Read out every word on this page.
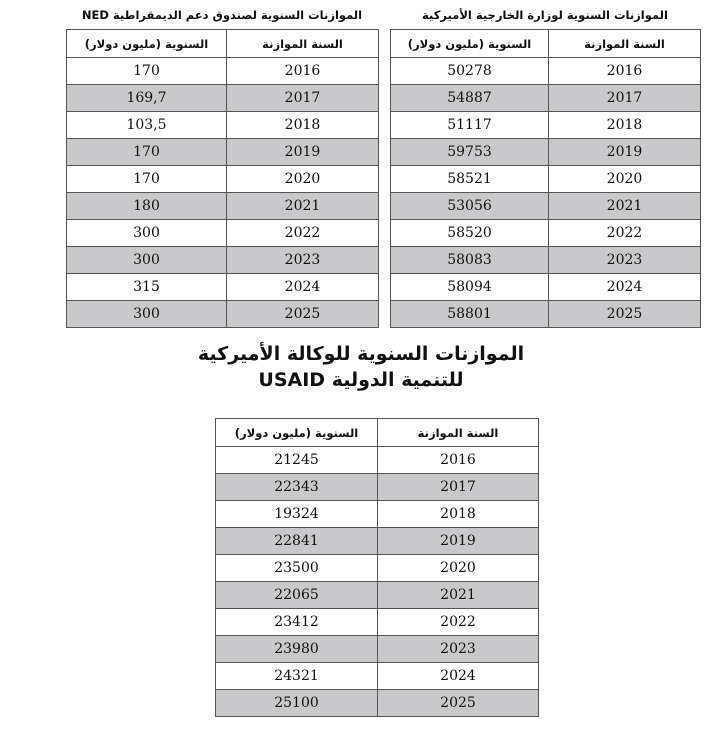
الموازنات السنوية لوزارة الخارجية الأميركية
الموازنات السنوية لصندوق دعم الديمقراطية NED
السنة الموازنة	السنوية (مليون دولار)
2016	50278
2017	54887
2018	51117
2019	59753
2020	58521
2021	53056
2022	58520
2023	58083
2024	58094
2025	58801
السنة الموازنة	السنوية (مليون دولار)
2016	170
2017	169,7
2018	103,5
2019	170
2020	170
2021	180
2022	300
2023	300
2024	315
2025	300
الموازنات السنوية للوكالة الأميركية
للتنمية الدولية USAID
السنة الموازنة	السنوية (مليون دولار)
2016	21245
2017	22343
2018	19324
2019	22841
2020	23500
2021	22065
2022	23412
2023	23980
2024	24321
2025	25100
